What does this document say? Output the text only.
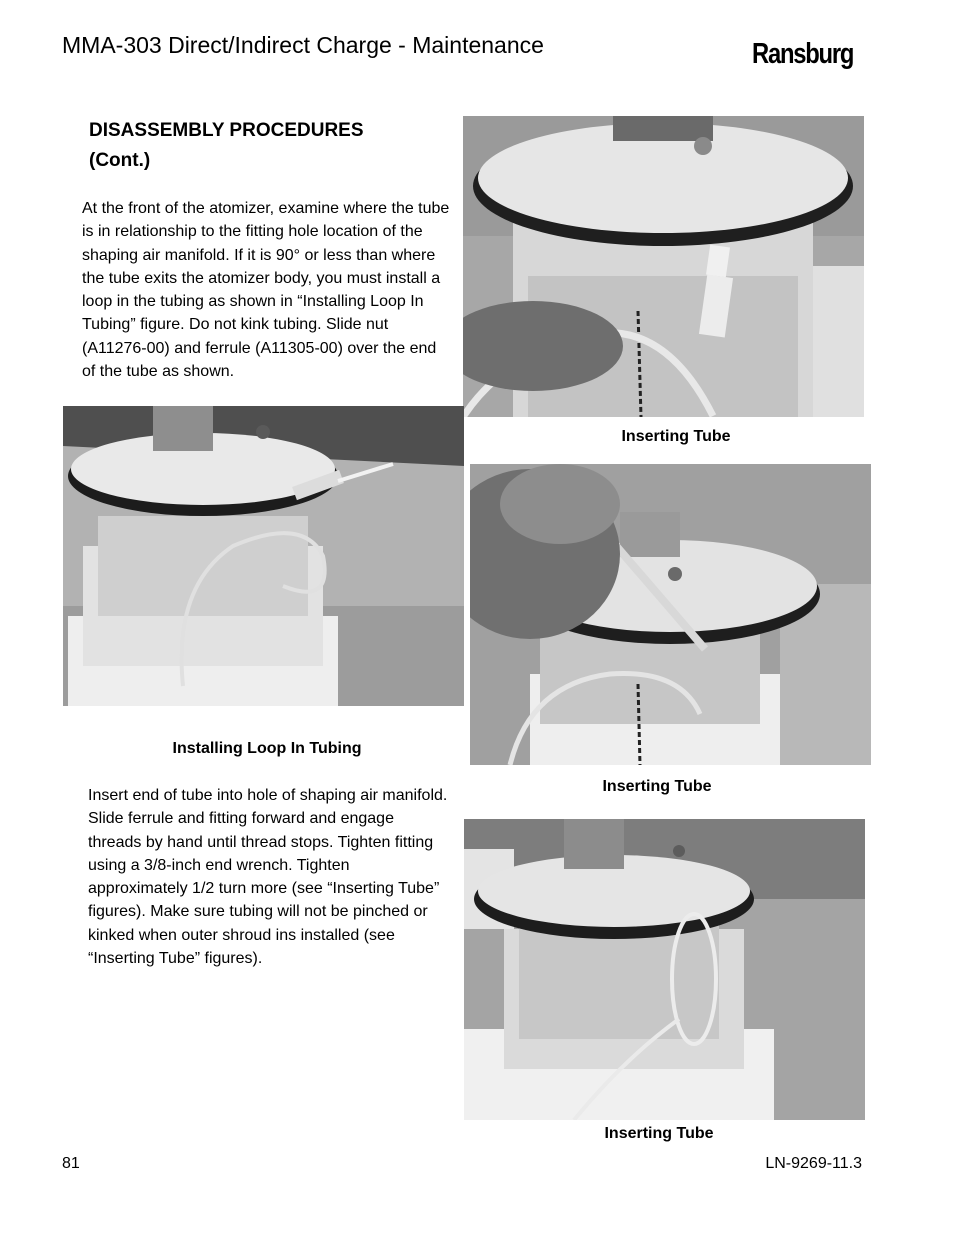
MMA-303 Direct/Indirect Charge - Maintenance	Ransburg
DISASSEMBLY PROCEDURES
(Cont.)
At the front of the atomizer, examine where the tube is in relationship to the fitting hole location of the shaping air manifold. If it is 90° or less than where the tube exits the atomizer body, you must install a loop in the tubing as shown in “Installing Loop In Tubing” figure. Do not kink tubing. Slide nut (A11276-00) and ferrule (A11305-00) over the end of the tube as shown.
Inserting Tube
Installing Loop In Tubing
Inserting Tube
Insert end of tube into hole of shaping air manifold. Slide ferrule and fitting forward and engage threads by hand until thread stops. Tighten fitting using a 3/8-inch end wrench. Tighten approximately 1/2 turn more (see “Inserting Tube” figures). Make sure tubing will not be pinched or kinked when outer shroud ins installed (see “Inserting Tube” figures).
Inserting Tube
81	LN-9269-11.3
